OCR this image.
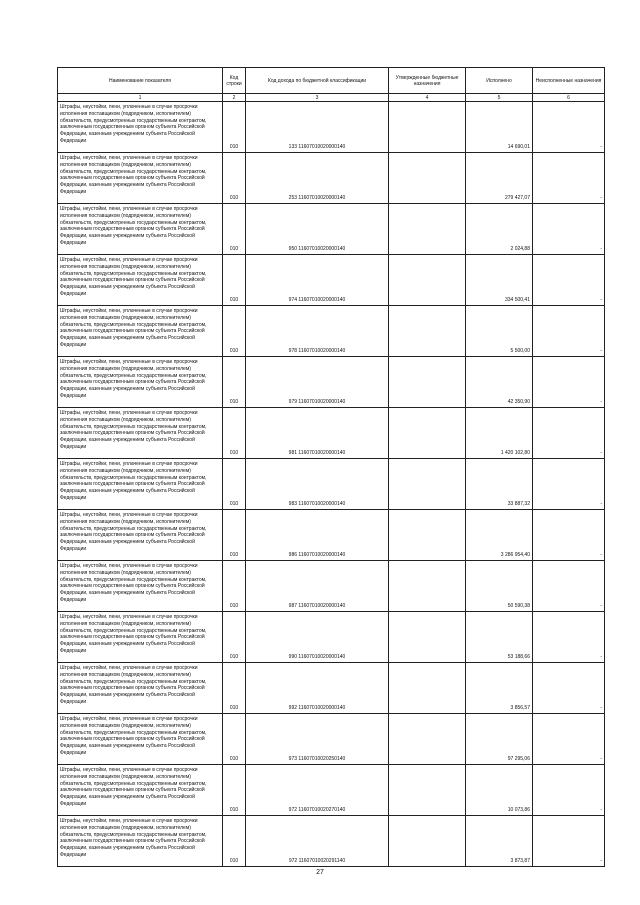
Наименование показателя	Код строки	Код дохода по бюджетной классификации	Утвержденные бюджетные назначения	Исполнено	Неисполненные назначения
1	2	3	4	5	6
Штрафы, неустойки, пени, уплаченные в случае просрочки исполнения поставщиком (подрядчиком, исполнителем) обязательств, предусмотренных государственным контрактом, заключенным государственным органом субъекта Российской Федерации, казенным учреждением субъекта Российской Федерации	010	133 11607010020000140		14 690,01	-
Штрафы, неустойки, пени, уплаченные в случае просрочки исполнения поставщиком (подрядчиком, исполнителем) обязательств, предусмотренных государственным контрактом, заключенным государственным органом субъекта Российской Федерации, казенным учреждением субъекта Российской Федерации	010	253 11607010020000140		279 427,07	-
Штрафы, неустойки, пени, уплаченные в случае просрочки исполнения поставщиком (подрядчиком, исполнителем) обязательств, предусмотренных государственным контрактом, заключенным государственным органом субъекта Российской Федерации, казенным учреждением субъекта Российской Федерации	010	950 11607010020000140		2 024,88	-
Штрафы, неустойки, пени, уплаченные в случае просрочки исполнения поставщиком (подрядчиком, исполнителем) обязательств, предусмотренных государственным контрактом, заключенным государственным органом субъекта Российской Федерации, казенным учреждением субъекта Российской Федерации	010	974 11607010020000140		334 500,41	-
Штрафы, неустойки, пени, уплаченные в случае просрочки исполнения поставщиком (подрядчиком, исполнителем) обязательств, предусмотренных государственным контрактом, заключенным государственным органом субъекта Российской Федерации, казенным учреждением субъекта Российской Федерации	010	978 11607010020000140		5 500,00	-
Штрафы, неустойки, пени, уплаченные в случае просрочки исполнения поставщиком (подрядчиком, исполнителем) обязательств, предусмотренных государственным контрактом, заключенным государственным органом субъекта Российской Федерации, казенным учреждением субъекта Российской Федерации	010	979 11607010020000140		42 350,90	-
Штрафы, неустойки, пени, уплаченные в случае просрочки исполнения поставщиком (подрядчиком, исполнителем) обязательств, предусмотренных государственным контрактом, заключенным государственным органом субъекта Российской Федерации, казенным учреждением субъекта Российской Федерации	010	981 11607010020000140		1 420 102,80	-
Штрафы, неустойки, пени, уплаченные в случае просрочки исполнения поставщиком (подрядчиком, исполнителем) обязательств, предусмотренных государственным контрактом, заключенным государственным органом субъекта Российской Федерации, казенным учреждением субъекта Российской Федерации	010	983 11607010020000140		33 887,32	-
Штрафы, неустойки, пени, уплаченные в случае просрочки исполнения поставщиком (подрядчиком, исполнителем) обязательств, предусмотренных государственным контрактом, заключенным государственным органом субъекта Российской Федерации, казенным учреждением субъекта Российской Федерации	010	986 11607010020000140		3 286 954,40	-
Штрафы, неустойки, пени, уплаченные в случае просрочки исполнения поставщиком (подрядчиком, исполнителем) обязательств, предусмотренных государственным контрактом, заключенным государственным органом субъекта Российской Федерации, казенным учреждением субъекта Российской Федерации	010	987 11607010020000140		50 590,38	-
Штрафы, неустойки, пени, уплаченные в случае просрочки исполнения поставщиком (подрядчиком, исполнителем) обязательств, предусмотренных государственным контрактом, заключенным государственным органом субъекта Российской Федерации, казенным учреждением субъекта Российской Федерации	010	990 11607010020000140		53 188,66	-
Штрафы, неустойки, пени, уплаченные в случае просрочки исполнения поставщиком (подрядчиком, исполнителем) обязательств, предусмотренных государственным контрактом, заключенным государственным органом субъекта Российской Федерации, казенным учреждением субъекта Российской Федерации	010	992 11607010020000140		3 856,57	-
Штрафы, неустойки, пени, уплаченные в случае просрочки исполнения поставщиком (подрядчиком, исполнителем) обязательств, предусмотренных государственным контрактом, заключенным государственным органом субъекта Российской Федерации, казенным учреждением субъекта Российской Федерации	010	973 11607010020250140		97 295,06	-
Штрафы, неустойки, пени, уплаченные в случае просрочки исполнения поставщиком (подрядчиком, исполнителем) обязательств, предусмотренных государственным контрактом, заключенным государственным органом субъекта Российской Федерации, казенным учреждением субъекта Российской Федерации	010	972 11607010020270140		10 073,86	-
Штрафы, неустойки, пени, уплаченные в случае просрочки исполнения поставщиком (подрядчиком, исполнителем) обязательств, предусмотренных государственным контрактом, заключенным государственным органом субъекта Российской Федерации, казенным учреждением субъекта Российской Федерации	010	972 11607010020291140		3 873,87	-
27
